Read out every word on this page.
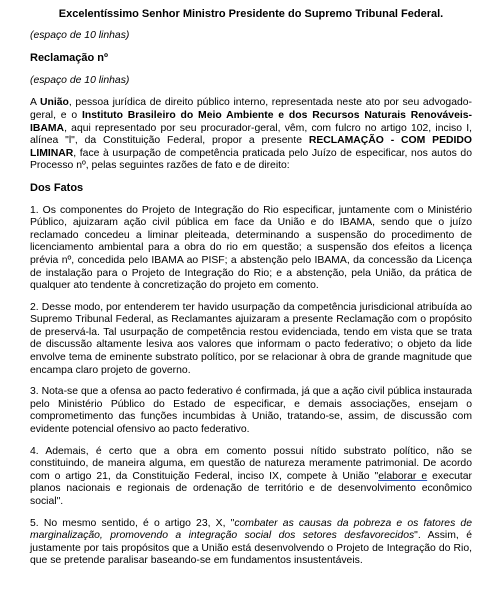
Excelentíssimo Senhor Ministro Presidente do Supremo Tribunal Federal.
(espaço de 10 linhas)
Reclamação nº
(espaço de 10 linhas)

A União, pessoa jurídica de direito público interno, representada neste ato por seu advogado-geral, e o Instituto Brasileiro do Meio Ambiente e dos Recursos Naturais Renováveis- IBAMA, aqui representado por seu procurador-geral, vêm, com fulcro no artigo 102, inciso I, alínea "l", da Constituição Federal, propor a presente RECLAMAÇÃO - COM PEDIDO LIMINAR, face à usurpação de competência praticada pelo Juízo de especificar, nos autos do Processo nº, pelas seguintes razões de fato e de direito:

Dos Fatos

1. Os componentes do Projeto de Integração do Rio especificar, juntamente com o Ministério Público, ajuizaram ação civil pública em face da União e do IBAMA, sendo que o juízo reclamado concedeu a liminar pleiteada, determinando a suspensão do procedimento de licenciamento ambiental para a obra do rio em questão; a suspensão dos efeitos a licença prévia nº, concedida pelo IBAMA ao PISF; a abstenção pelo IBAMA, da concessão da Licença de instalação para o Projeto de Integração do Rio; e a abstenção, pela União, da prática de qualquer ato tendente à concretização do projeto em comento.

2. Desse modo, por entenderem ter havido usurpação da competência jurisdicional atribuída ao Supremo Tribunal Federal, as Reclamantes ajuizaram a presente Reclamação com o propósito de preservá-la. Tal usurpação de competência restou evidenciada, tendo em vista que se trata de discussão altamente lesiva aos valores que informam o pacto federativo; o objeto da lide envolve tema de eminente substrato político, por se relacionar à obra de grande magnitude que encampa claro projeto de governo.

3. Nota-se que a ofensa ao pacto federativo é confirmada, já que a ação civil pública instaurada pelo Ministério Público do Estado de especificar, e demais associações, ensejam o comprometimento das funções incumbidas à União, tratando-se, assim, de discussão com evidente potencial ofensivo ao pacto federativo.

4. Ademais, é certo que a obra em comento possui nítido substrato político, não se constituindo, de maneira alguma, em questão de natureza meramente patrimonial. De acordo com o artigo 21, da Constituição Federal, inciso IX, compete à União "elaborar e executar planos nacionais e regionais de ordenação de território e de desenvolvimento econômico social".

5. No mesmo sentido, é o artigo 23, X, "combater as causas da pobreza e os fatores de marginalização, promovendo a integração social dos setores desfavorecidos". Assim, é justamente por tais propósitos que a União está desenvolvendo o Projeto de Integração do Rio, que se pretende paralisar baseando-se em fundamentos insustentáveis.
